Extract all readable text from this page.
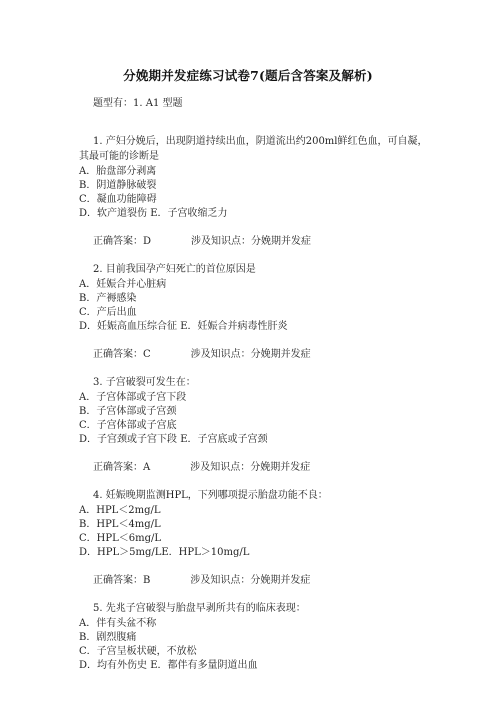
分娩期并发症练习试卷7(题后含答案及解析)
题型有：1. A1 型题
1. 产妇分娩后，出现阴道持续出血，阴道流出约200ml鲜红色血，可自凝，
其最可能的诊断是
A．胎盘部分剥离
B．阴道静脉破裂
C．凝血功能障碍
D．软产道裂伤 E．子宫收缩乏力
正确答案：D	涉及知识点：分娩期并发症
2. 目前我国孕产妇死亡的首位原因是
A．妊娠合并心脏病
B．产褥感染
C．产后出血
D．妊娠高血压综合征 E．妊娠合并病毒性肝炎
正确答案：C	涉及知识点：分娩期并发症
3. 子宫破裂可发生在：
A．子宫体部或子宫下段
B．子宫体部或子宫颈
C．子宫体部或子宫底
D．子宫颈或子宫下段 E．子宫底或子宫颈
正确答案：A	涉及知识点：分娩期并发症
4. 妊娠晚期监测HPL，下列哪项提示胎盘功能不良：
A．HPL＜2mg/L
B．HPL＜4mg/L
C．HPL＜6mg/L
D．HPL＞5mg/LE．HPL＞10mg/L
正确答案：B	涉及知识点：分娩期并发症
5. 先兆子宫破裂与胎盘早剥所共有的临床表现：
A．伴有头盆不称
B．剧烈腹痛
C．子宫呈板状硬，不放松
D．均有外伤史 E．都伴有多量阴道出血
